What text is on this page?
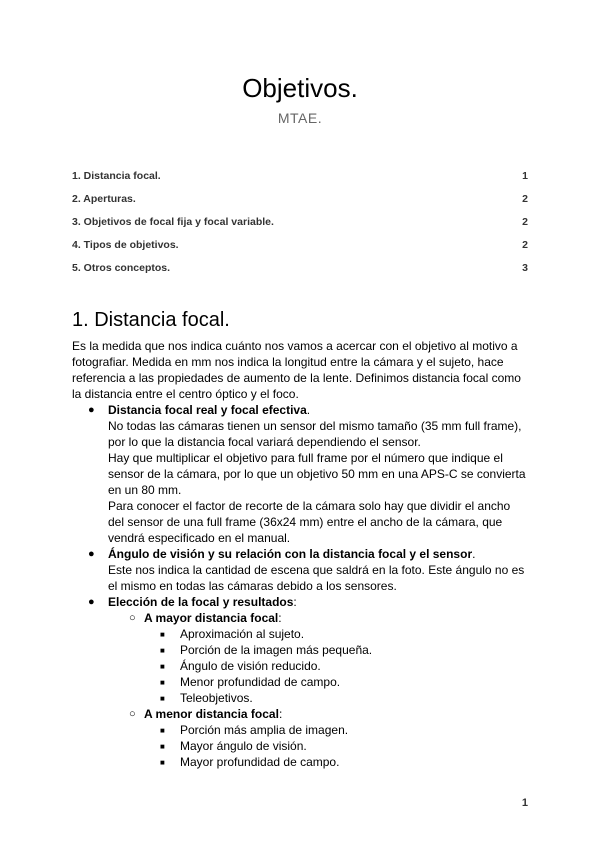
Objetivos.
MTAE.
1. Distancia focal.	1
2. Aperturas.	2
3. Objetivos de focal fija y focal variable.	2
4. Tipos de objetivos.	2
5. Otros conceptos.	3
1. Distancia focal.

Es la medida que nos indica cuánto nos vamos a acercar con el objetivo al motivo a fotografiar. Medida en mm nos indica la longitud entre la cámara y el sujeto, hace referencia a las propiedades de aumento de la lente. Definimos distancia focal como la distancia entre el centro óptico y el foco.

● Distancia focal real y focal efectiva.
No todas las cámaras tienen un sensor del mismo tamaño (35 mm full frame), por lo que la distancia focal variará dependiendo el sensor.
Hay que multiplicar el objetivo para full frame por el número que indique el sensor de la cámara, por lo que un objetivo 50 mm en una APS-C se convierta en un 80 mm.
Para conocer el factor de recorte de la cámara solo hay que dividir el ancho del sensor de una full frame (36x24 mm) entre el ancho de la cámara, que vendrá especificado en el manual.
● Ángulo de visión y su relación con la distancia focal y el sensor.
Este nos indica la cantidad de escena que saldrá en la foto. Este ángulo no es el mismo en todas las cámaras debido a los sensores.
● Elección de la focal y resultados:
○ A mayor distancia focal:
■ Aproximación al sujeto.
■ Porción de la imagen más pequeña.
■ Ángulo de visión reducido.
■ Menor profundidad de campo.
■ Teleobjetivos.
○ A menor distancia focal:
■ Porción más amplia de imagen.
■ Mayor ángulo de visión.
■ Mayor profundidad de campo.
1
